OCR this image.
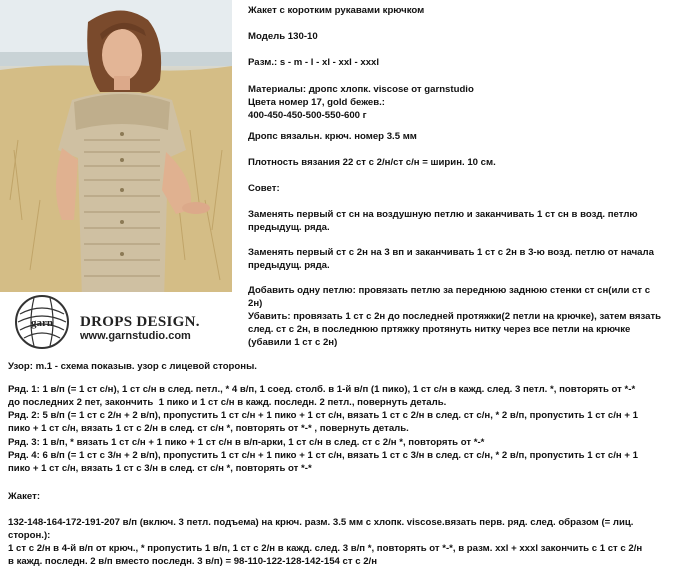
garn DROPS DESIGN.
www.garnstudio.com
Жакет с коротким рукавами крючком
Модель 130-10
Разм.: s - m - l - xl - xxl - xxxl
Материалы: дропс хлопк. viscose от garnstudio
Цвета номер 17, gold бежев.:
400-450-450-500-550-600 г
Дропс вязальн. крюч. номер 3.5 мм
Плотность вязания 22 ст с 2/н/ст с/н = ширин. 10 см.
Совет:
Заменять первый ст сн на воздушную петлю и заканчивать 1 ст сн в возд. петлю
предыдущ. ряда.
Заменять первый ст с 2н на 3 вп и заканчивать 1 ст с 2н в 3-ю возд. петлю от начала
предыдущ. ряда.
Добавить одну петлю: провязать петлю за переднюю заднюю стенки ст сн(или ст с
2н)
Убавить: провязать 1 ст с 2н до последней протяжки(2 петли на крючке), затем вязать
след. ст с 2н, в последнюю пртяжку протянуть нитку через все петли на крючке
(убавили 1 ст с 2н)
Узор: m.1 - схема показыв. узор с лицевой стороны.
Ряд. 1: 1 в/п (= 1 ст с/н), 1 ст с/н в след. петл., * 4 в/п, 1 соед. столб. в 1-й в/п (1 пико), 1 ст с/н в кажд. след. 3 петл. *, повторять от *-*
до последних 2 пет, закончить  1 пико и 1 ст с/н в кажд. последн. 2 петл., повернуть деталь.
Ряд. 2: 5 в/п (= 1 ст с 2/н + 2 в/п), пропустить 1 ст с/н + 1 пико + 1 ст с/н, вязать 1 ст с 2/н в след. ст с/н, * 2 в/п, пропустить 1 ст с/н + 1
пико + 1 ст с/н, вязать 1 ст с 2/н в след. ст с/н *, повторять от *-* , повернуть деталь.
Ряд. 3: 1 в/п, * вязать 1 ст с/н + 1 пико + 1 ст с/н в в/п-арки, 1 ст с/н в след. ст с 2/н *, повторять от *-*
Ряд. 4: 6 в/п (= 1 ст с 3/н + 2 в/п), пропустить 1 ст с/н + 1 пико + 1 ст с/н, вязать 1 ст с 3/н в след. ст с/н, * 2 в/п, пропустить 1 ст с/н + 1
пико + 1 ст с/н, вязать 1 ст с 3/н в след. ст с/н *, повторять от *-*
Жакет:
132-148-164-172-191-207 в/п (включ. 3 петл. подъема) на крюч. разм. 3.5 мм с хлопк. viscose.вязать перв. ряд. след. образом (= лиц.
сторон.):
1 ст с 2/н в 4-й в/п от крюч., * пропустить 1 в/п, 1 ст с 2/н в кажд. след. 3 в/п *, повторять от *-*, в разм. xxl + xxxl закончить с 1 ст с 2/н
в кажд. последн. 2 в/п вместо последн. 3 в/п) = 98-110-122-128-142-154 ст с 2/н
